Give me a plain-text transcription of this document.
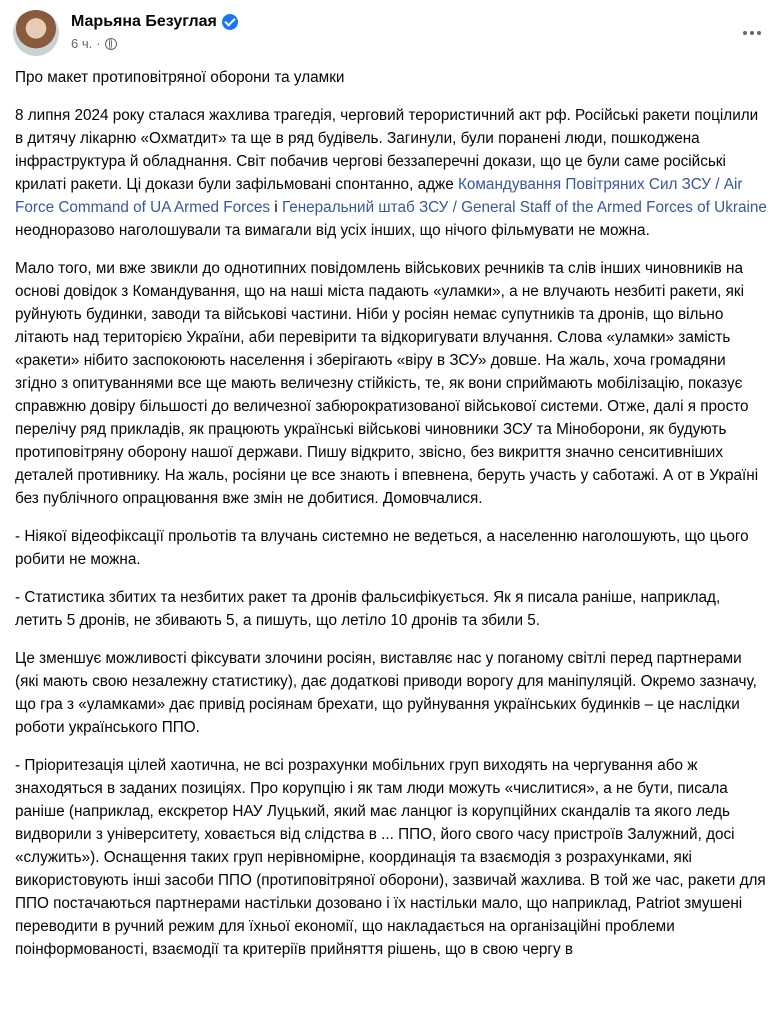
Марьяна Безуглая
6 ч. ·

Про макет протиповітряної оборони та уламки

8 липня 2024 року сталася жахлива трагедія, черговий терористичний акт рф. Російські ракети поцілили в дитячу лікарню «Охматдит» та ще в ряд будівель. Загинули, були поранені люди, пошкоджена інфраструктура й обладнання. Світ побачив чергові беззаперечні докази, що це були саме російські крилаті ракети. Ці докази були зафільмовані спонтанно, адже Командування Повітряних Сил ЗСУ / Air Force Command of UA Armed Forces і Генеральний штаб ЗСУ / General Staff of the Armed Forces of Ukraine неодноразово наголошували та вимагали від усіх інших, що нічого фільмувати не можна.

Мало того, ми вже звикли до однотипних повідомлень військових речників та слів інших чиновників на основі довідок з Командування, що на наші міста падають «уламки», а не влучають незбиті ракети, які руйнують будинки, заводи та військові частини. Ніби у росіян немає супутників та дронів, що вільно літають над територією України, аби перевірити та відкоригувати влучання. Слова «уламки» замість «ракети» нібито заспокоюють населення і зберігають «віру в ЗСУ» довше. На жаль, хоча громадяни згідно з опитуваннями все ще мають величезну стійкість, те, як вони сприймають мобілізацію, показує справжню довіру більшості до величезної забюрократизованої військової системи. Отже, далі я просто перелічу ряд прикладів, як працюють українські військові чиновники ЗСУ та Міноборони, як будують протиповітряну оборону нашої держави. Пишу відкрито, звісно, без викриття значно сенситивніших деталей противнику. На жаль, росіяни це все знають і впевнена, беруть участь у саботажі. А от в Україні без публічного опрацювання вже змін не добитися. Домовчалися.

- Ніякої відеофіксації прольотів та влучань системно не ведеться, а населенню наголошують, що цього робити не можна.

- Статистика збитих та незбитих ракет та дронів фальсифікується. Як я писала раніше, наприклад, летить 5 дронів, не збивають 5, а пишуть, що летіло 10 дронів та збили 5.

Це зменшує можливості фіксувати злочини росіян, виставляє нас у поганому світлі перед партнерами (які мають свою незалежну статистику), дає додаткові приводи ворогу для маніпуляцій. Окремо зазначу, що гра з «уламками» дає привід росіянам брехати, що руйнування українських будинків – це наслідки роботи українського ППО.

- Пріоритезація цілей хаотична, не всі розрахунки мобільних груп виходять на чергування або ж знаходяться в заданих позиціях. Про корупцію і як там люди можуть «числитися», а не бути, писала раніше (наприклад, екскретор НАУ Луцький, який має ланцюг із корупційних скандалів та якого ледь видворили з університету, ховається від слідства в ... ППО, його свого часу пристроїв Залужний, досі «служить»). Оснащення таких груп нерівномірне, координація та взаємодія з розрахунками, які використовують інші засоби ППО (протиповітряної оборони), зазвичай жахлива. В той же час, ракети для ППО постачаються партнерами настільки дозовано і їх настільки мало, що наприклад, Patriot змушені переводити в ручний режим для їхньої економії, що накладається на організаційні проблеми поінформованості, взаємодії та критеріїв прийняття рішень, що в свою чергу в
